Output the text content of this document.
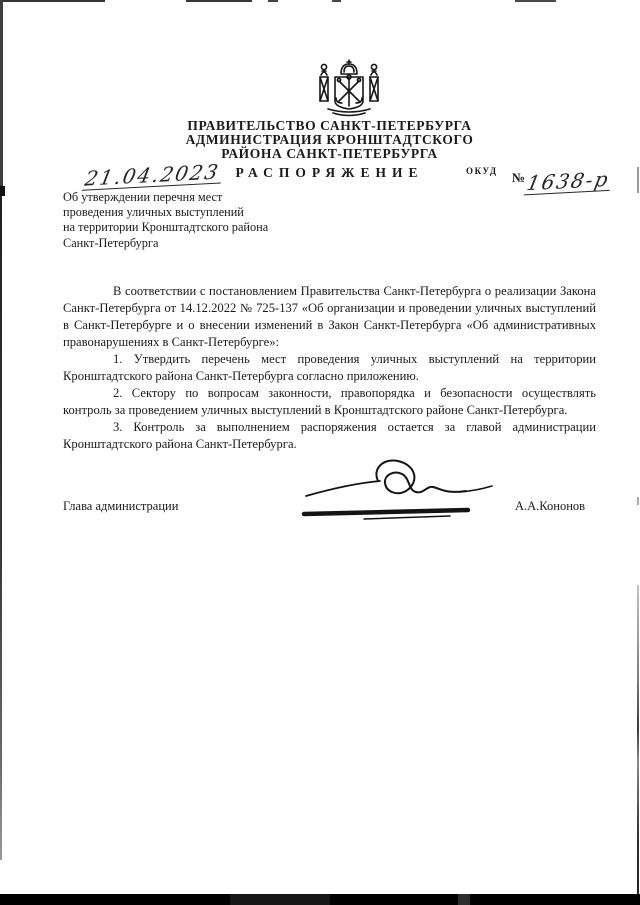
ПРАВИТЕЛЬСТВО САНКТ-ПЕТЕРБУРГА
АДМИНИСТРАЦИЯ КРОНШТАДТСКОГО
РАЙОНА САНКТ-ПЕТЕРБУРГА
РАСПОРЯЖЕНИЕ	ОКУД
21.04.2023	№1638-р
Об утверждении перечня мест
проведения уличных выступлений
на территории Кронштадтского района
Санкт-Петербурга

В соответствии с постановлением Правительства Санкт-Петербурга о реализации Закона Санкт-Петербурга от 14.12.2022 № 725-137 «Об организации и проведении уличных выступлений в Санкт-Петербурге и о внесении изменений в Закон Санкт-Петербурга «Об административных правонарушениях в Санкт-Петербурге»:

1. Утвердить перечень мест проведения уличных выступлений на территории Кронштадтского района Санкт-Петербурга согласно приложению.

2. Сектору по вопросам законности, правопорядка и безопасности осуществлять контроль за проведением уличных выступлений в Кронштадтского районе Санкт-Петербурга.

3. Контроль за выполнением распоряжения остается за главой администрации Кронштадтского района Санкт-Петербурга.

Глава администрации	А.А.Кононов
